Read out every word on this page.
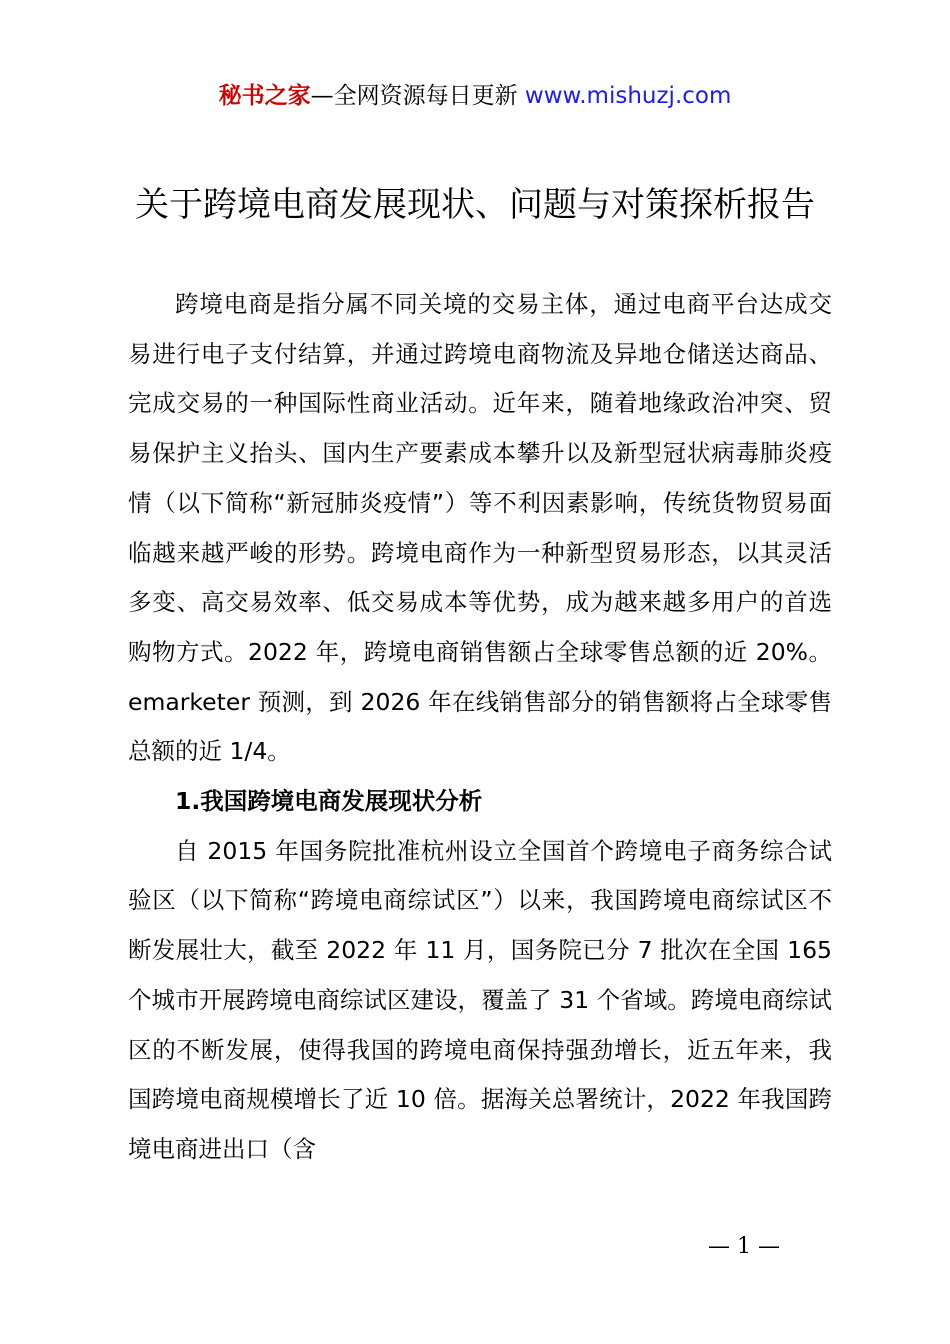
秘书之家—全网资源每日更新 www.mishuzj.com
关于跨境电商发展现状、问题与对策探析报告

跨境电商是指分属不同关境的交易主体，通过电商平台达成交易进行电子支付结算，并通过跨境电商物流及异地仓储送达商品、完成交易的一种国际性商业活动。近年来，随着地缘政治冲突、贸易保护主义抬头、国内生产要素成本攀升以及新型冠状病毒肺炎疫情（以下简称“新冠肺炎疫情”）等不利因素影响，传统货物贸易面临越来越严峻的形势。跨境电商作为一种新型贸易形态，以其灵活多变、高交易效率、低交易成本等优势，成为越来越多用户的首选购物方式。2022 年，跨境电商销售额占全球零售总额的近 20%。emarketer 预测，到 2026 年在线销售部分的销售额将占全球零售总额的近 1/4。

1.我国跨境电商发展现状分析

自 2015 年国务院批准杭州设立全国首个跨境电子商务综合试验区（以下简称“跨境电商综试区”）以来，我国跨境电商综试区不断发展壮大，截至 2022 年 11 月，国务院已分 7 批次在全国 165 个城市开展跨境电商综试区建设，覆盖了 31 个省域。跨境电商综试区的不断发展，使得我国的跨境电商保持强劲增长，近五年来，我国跨境电商规模增长了近 10 倍。据海关总署统计，2022 年我国跨境电商进出口（含

— 1 —
